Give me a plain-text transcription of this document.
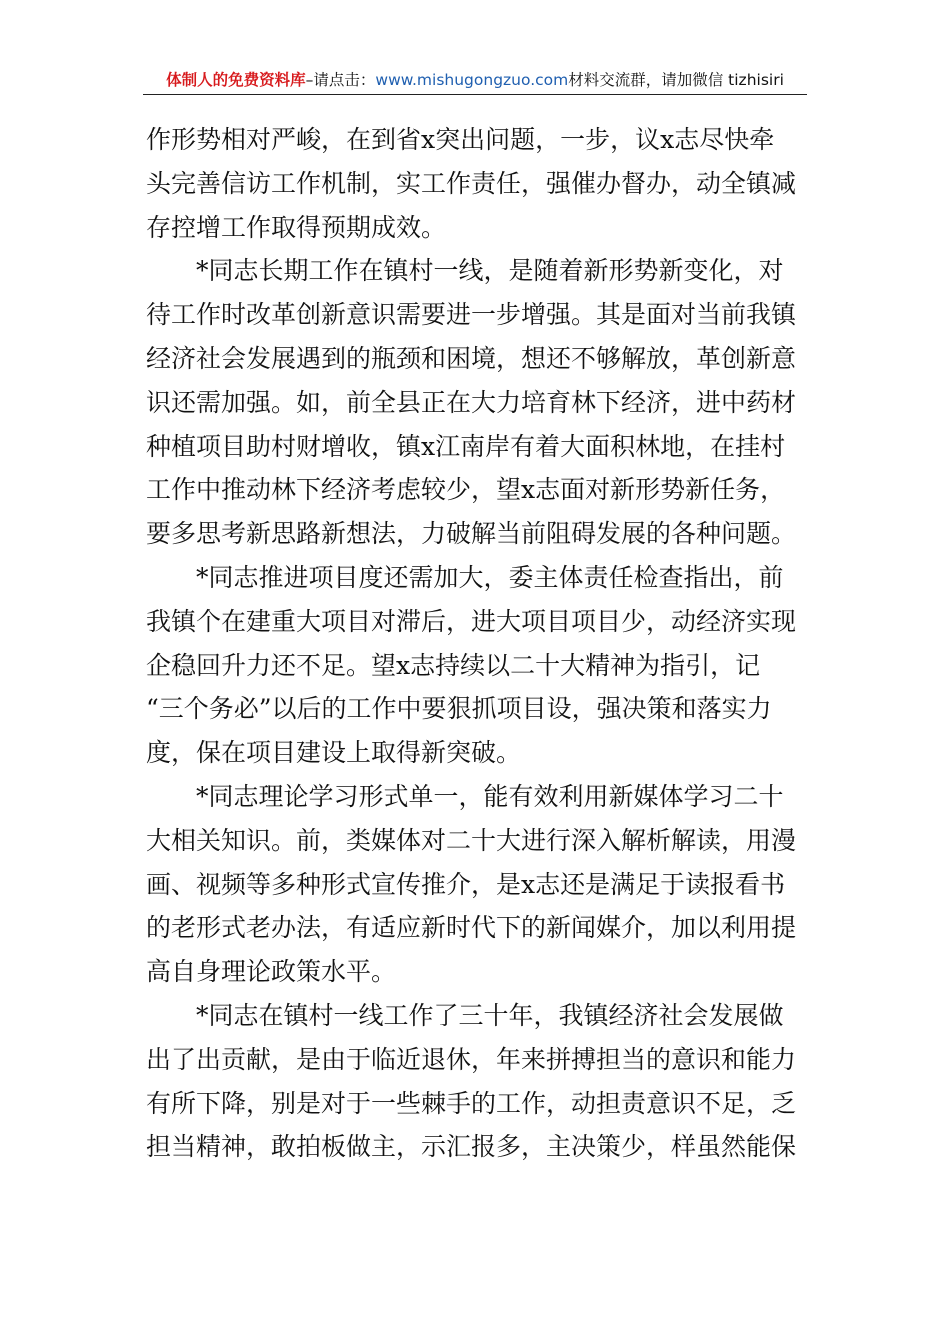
体制人的免费资料库–请点击：www.mishugongzuo.com材料交流群，请加微信 tizhisiri

作形势相对严峻，在到省x突出问题，一步，议x志尽快牵
头完善信访工作机制，实工作责任，强催办督办，动全镇减
存控增工作取得预期成效。

*同志长期工作在镇村一线，是随着新形势新变化，对
待工作时改革创新意识需要进一步增强。其是面对当前我镇
经济社会发展遇到的瓶颈和困境，想还不够解放，革创新意
识还需加强。如，前全县正在大力培育林下经济，进中药材
种植项目助村财增收，镇x江南岸有着大面积林地，在挂村
工作中推动林下经济考虑较少，望x志面对新形势新任务，
要多思考新思路新想法，力破解当前阻碍发展的各种问题。

*同志推进项目度还需加大，委主体责任检查指出，前
我镇个在建重大项目对滞后，进大项目项目少，动经济实现
企稳回升力还不足。望x志持续以二十大精神为指引，记
“三个务必”以后的工作中要狠抓项目设，强决策和落实力
度，保在项目建设上取得新突破。

*同志理论学习形式单一，能有效利用新媒体学习二十
大相关知识。前，类媒体对二十大进行深入解析解读，用漫
画、视频等多种形式宣传推介，是x志还是满足于读报看书
的老形式老办法，有适应新时代下的新闻媒介，加以利用提
高自身理论政策水平。

*同志在镇村一线工作了三十年，我镇经济社会发展做
出了出贡献，是由于临近退休，年来拼搏担当的意识和能力
有所下降，别是对于一些棘手的工作，动担责意识不足，乏
担当精神，敢拍板做主，示汇报多，主决策少，样虽然能保
